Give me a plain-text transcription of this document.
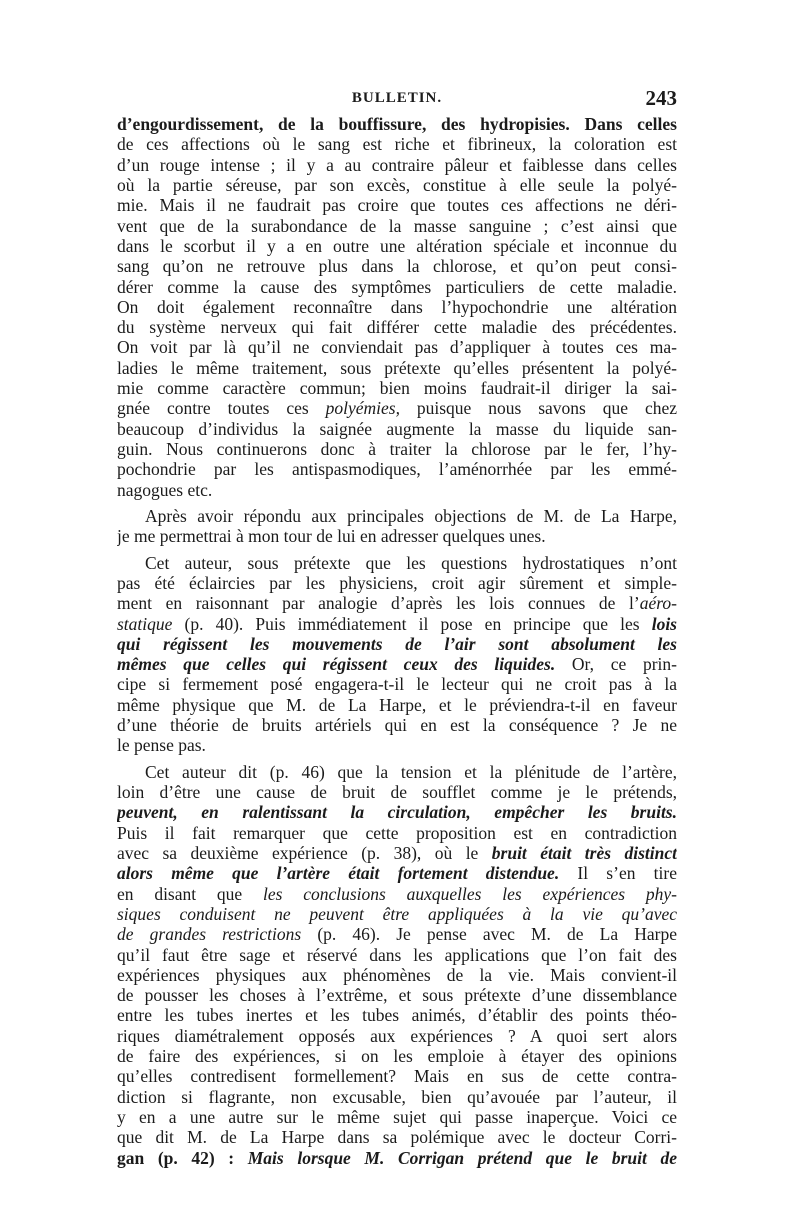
BULLETIN.	243
d’engourdissement, de la bouffissure, des hydropisies. Dans celles
de ces affections où le sang est riche et fibrineux, la coloration est
d’un rouge intense ; il y a au contraire pâleur et faiblesse dans celles
où la partie séreuse, par son excès, constitue à elle seule la polyé-
mie. Mais il ne faudrait pas croire que toutes ces affections ne déri-
vent que de la surabondance de la masse sanguine ; c’est ainsi que
dans le scorbut il y a en outre une altération spéciale et inconnue du
sang qu’on ne retrouve plus dans la chlorose, et qu’on peut consi-
dérer comme la cause des symptômes particuliers de cette maladie.
On doit également reconnaître dans l’hypochondrie une altération
du système nerveux qui fait différer cette maladie des précédentes.
On voit par là qu’il ne conviendait pas d’appliquer à toutes ces ma-
ladies le même traitement, sous prétexte qu’elles présentent la polyé-
mie comme caractère commun; bien moins faudrait-il diriger la sai-
gnée contre toutes ces polyémies, puisque nous savons que chez
beaucoup d’individus la saignée augmente la masse du liquide san-
guin. Nous continuerons donc à traiter la chlorose par le fer, l’hy-
pochondrie par les antispasmodiques, l’aménorrhée par les emmé-
nagogues etc.
Après avoir répondu aux principales objections de M. de La Harpe,
je me permettrai à mon tour de lui en adresser quelques unes.
Cet auteur, sous prétexte que les questions hydrostatiques n’ont
pas été éclaircies par les physiciens, croit agir sûrement et simple-
ment en raisonnant par analogie d’après les lois connues de l’aéro-
statique (p. 40). Puis immédiatement il pose en principe que les lois
qui régissent les mouvements de l’air sont absolument les
mêmes que celles qui régissent ceux des liquides. Or, ce prin-
cipe si fermement posé engagera-t-il le lecteur qui ne croit pas à la
même physique que M. de La Harpe, et le préviendra-t-il en faveur
d’une théorie de bruits artériels qui en est la conséquence ? Je ne
le pense pas.
Cet auteur dit (p. 46) que la tension et la plénitude de l’artère,
loin d’être une cause de bruit de soufflet comme je le prétends,
peuvent, en ralentissant la circulation, empêcher les bruits.
Puis il fait remarquer que cette proposition est en contradiction
avec sa deuxième expérience (p. 38), où le bruit était très distinct
alors même que l’artère était fortement distendue. Il s’en tire
en disant que les conclusions auxquelles les expériences phy-
siques conduisent ne peuvent être appliquées à la vie qu’avec
de grandes restrictions (p. 46). Je pense avec M. de La Harpe
qu’il faut être sage et réservé dans les applications que l’on fait des
expériences physiques aux phénomènes de la vie. Mais convient-il
de pousser les choses à l’extrême, et sous prétexte d’une dissemblance
entre les tubes inertes et les tubes animés, d’établir des points théo-
riques diamétralement opposés aux expériences ? A quoi sert alors
de faire des expériences, si on les emploie à étayer des opinions
qu’elles contredisent formellement? Mais en sus de cette contra-
diction si flagrante, non excusable, bien qu’avouée par l’auteur, il
y en a une autre sur le même sujet qui passe inaperçue. Voici ce
que dit M. de La Harpe dans sa polémique avec le docteur Corri-
gan (p. 42) : Mais lorsque M. Corrigan prétend que le bruit de
